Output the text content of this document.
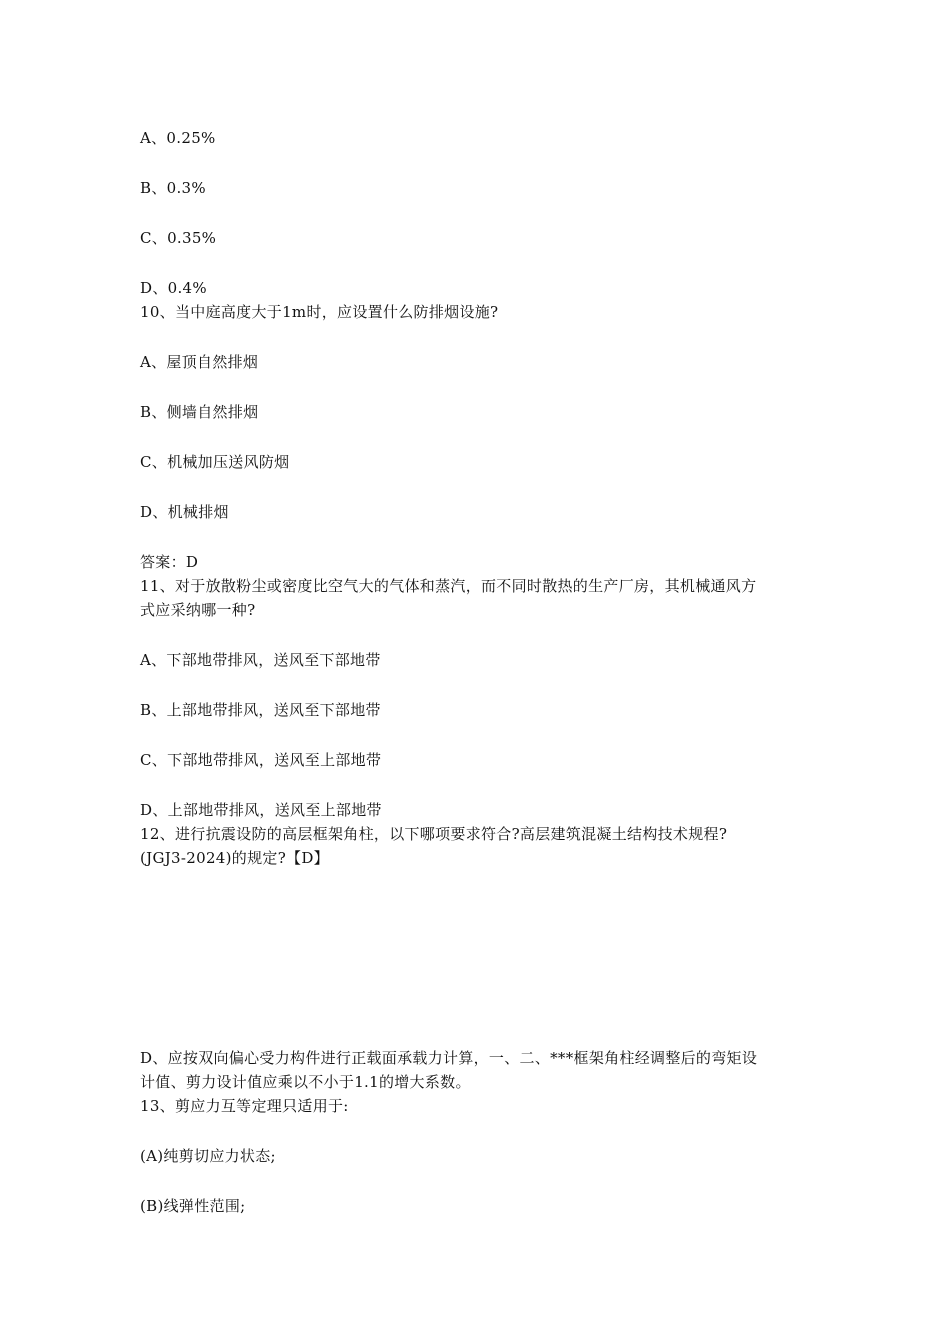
A、0.25%
B、0.3%
C、0.35%
D、0.4%
10、当中庭高度大于1m时，应设置什么防排烟设施?
A、屋顶自然排烟
B、侧墙自然排烟
C、机械加压送风防烟
D、机械排烟
答案：D
11、对于放散粉尘或密度比空气大的气体和蒸汽，而不同时散热的生产厂房，其机械通风方
式应采纳哪一种?
A、下部地带排风，送风至下部地带
B、上部地带排风，送风至下部地带
C、下部地带排风，送风至上部地带
D、上部地带排风，送风至上部地带
12、进行抗震设防的高层框架角柱，以下哪项要求符合?高层建筑混凝土结构技术规程?
(JGJ3-2024)的规定?【D】
D、应按双向偏心受力构件进行正载面承载力计算，一、二、***框架角柱经调整后的弯矩设
计值、剪力设计值应乘以不小于1.1的增大系数。
13、剪应力互等定理只适用于:
(A)纯剪切应力状态;
(B)线弹性范围;
